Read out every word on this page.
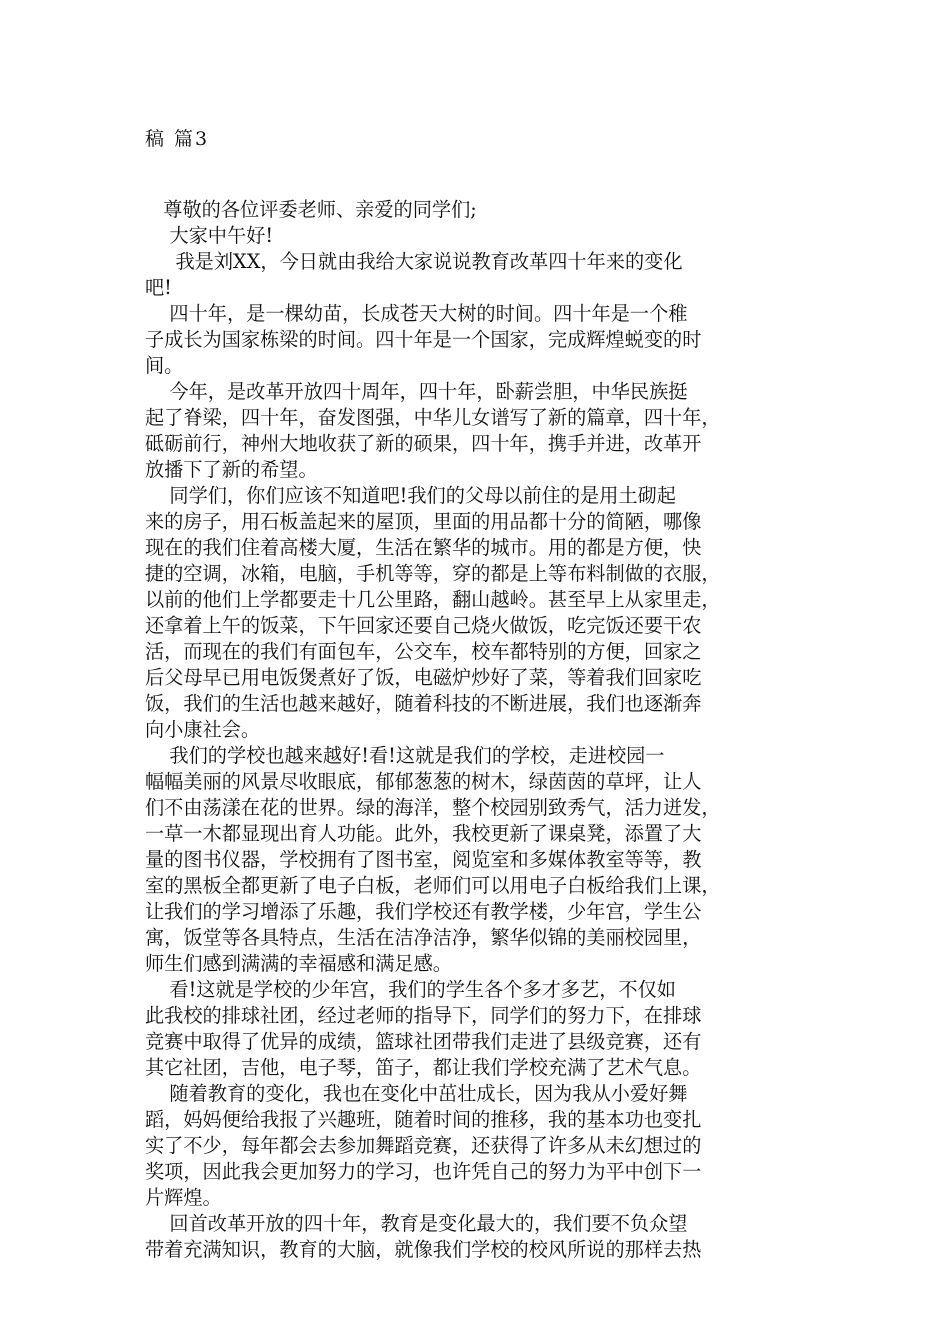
稿 篇3
尊敬的各位评委老师、亲爱的同学们;
大家中午好!
我是刘XX，今日就由我给大家说说教育改革四十年来的变化
吧!
四十年，是一棵幼苗，长成苍天大树的时间。四十年是一个稚
子成长为国家栋梁的时间。四十年是一个国家，完成辉煌蜕变的时
间。
今年，是改革开放四十周年，四十年，卧薪尝胆，中华民族挺
起了脊梁，四十年，奋发图强，中华儿女谱写了新的篇章，四十年，
砥砺前行，神州大地收获了新的硕果，四十年，携手并进，改革开
放播下了新的希望。
同学们，你们应该不知道吧!我们的父母以前住的是用土砌起
来的房子，用石板盖起来的屋顶，里面的用品都十分的简陋，哪像
现在的我们住着高楼大厦，生活在繁华的城市。用的都是方便，快
捷的空调，冰箱，电脑，手机等等，穿的都是上等布料制做的衣服，
以前的他们上学都要走十几公里路，翻山越岭。甚至早上从家里走，
还拿着上午的饭菜，下午回家还要自己烧火做饭，吃完饭还要干农
活，而现在的我们有面包车，公交车，校车都特别的方便，回家之
后父母早已用电饭煲煮好了饭，电磁炉炒好了菜，等着我们回家吃
饭，我们的生活也越来越好，随着科技的不断进展，我们也逐渐奔
向小康社会。
我们的学校也越来越好!看!这就是我们的学校，走进校园一
幅幅美丽的风景尽收眼底，郁郁葱葱的树木，绿茵茵的草坪，让人
们不由荡漾在花的世界。绿的海洋，整个校园别致秀气，活力迸发，
一草一木都显现出育人功能。此外，我校更新了课桌凳，添置了大
量的图书仪器，学校拥有了图书室，阅览室和多媒体教室等等，教
室的黑板全都更新了电子白板，老师们可以用电子白板给我们上课，
让我们的学习增添了乐趣，我们学校还有教学楼，少年宫，学生公
寓，饭堂等各具特点，生活在洁净洁净，繁华似锦的美丽校园里，
师生们感到满满的幸福感和满足感。
看!这就是学校的少年宫，我们的学生各个多才多艺，不仅如
此我校的排球社团，经过老师的指导下，同学们的努力下，在排球
竞赛中取得了优异的成绩，篮球社团带我们走进了县级竞赛，还有
其它社团，吉他，电子琴，笛子，都让我们学校充满了艺术气息。
随着教育的变化，我也在变化中茁壮成长，因为我从小爱好舞
蹈，妈妈便给我报了兴趣班，随着时间的推移，我的基本功也变扎
实了不少，每年都会去参加舞蹈竞赛，还获得了许多从未幻想过的
奖项，因此我会更加努力的学习，也许凭自己的努力为平中创下一
片辉煌。
回首改革开放的四十年，教育是变化最大的，我们要不负众望
带着充满知识，教育的大脑，就像我们学校的校风所说的那样去热
